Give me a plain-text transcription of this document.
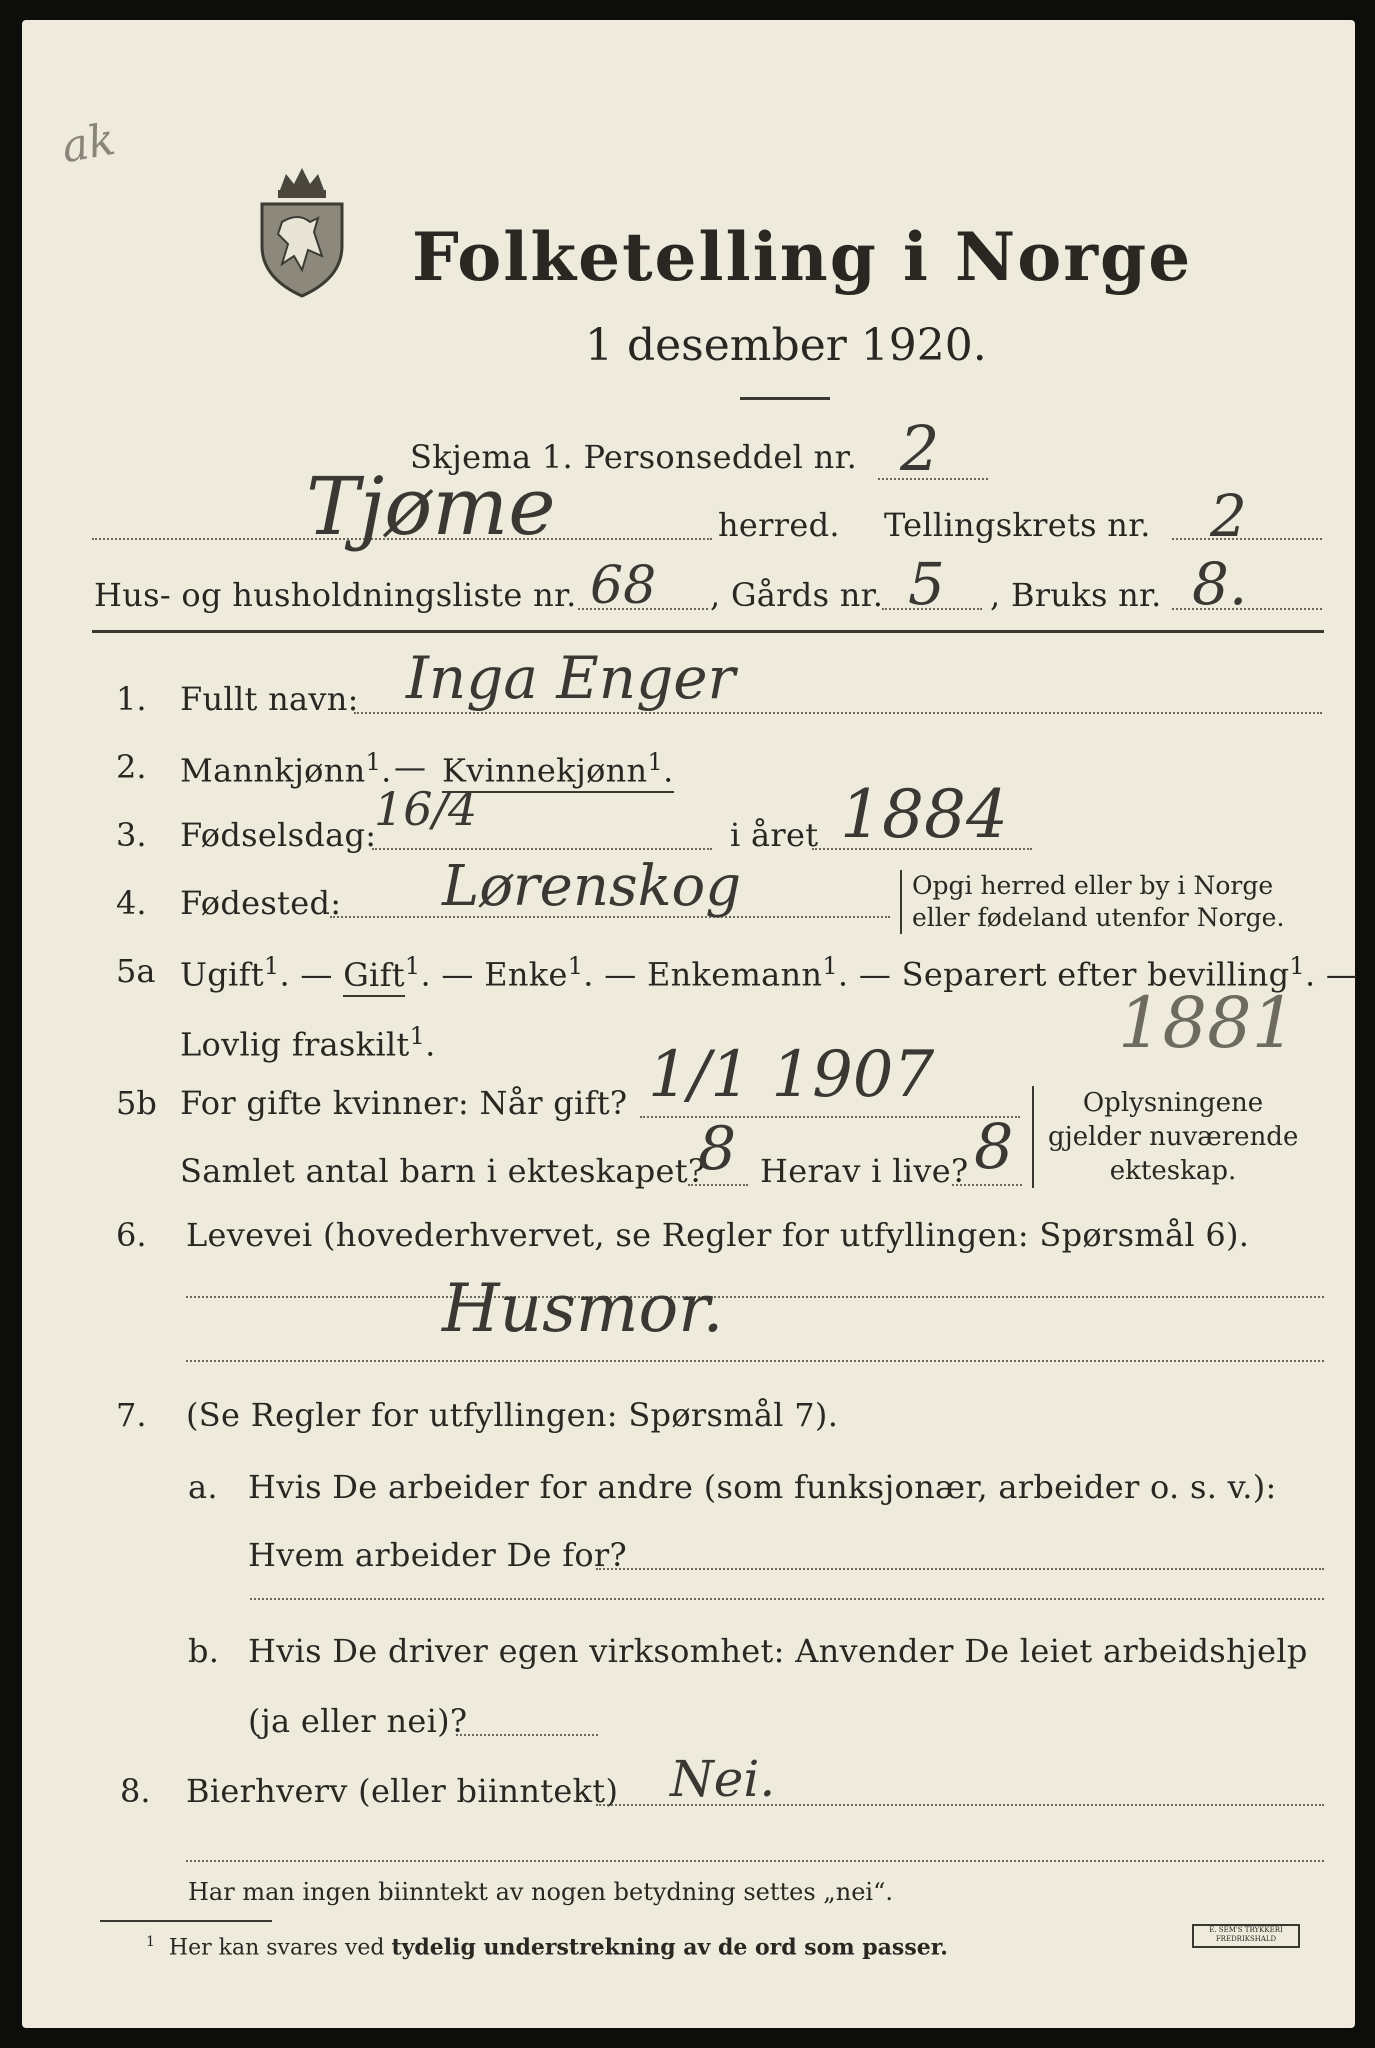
ak
Folketelling i Norge
1 desember 1920.
Skjema 1. Personseddel nr. 2
Tjøme	herred. Tellingskrets nr. 2
Hus- og husholdningsliste nr. 68 , Gårds nr. 5 , Bruks nr. 8.
1. Fullt navn: Inga Enger
2. Mannkjønn$^1$. — Kvinnekjønn$^1$.
3. Fødselsdag:
16/4	i året 1884
4. Fødested: Lørenskog	Opgi herred eller by i Norge
eller fødeland utenfor Norge.
5a Ugift$^1$. — Gift$^1$. — Enke$^1$. — Enkemann$^1$. — Separert efter bevilling$^1$. —
Lovlig fraskilt$^1$.	1881
5b For gifte kvinner: Når gift? 1/1 1907
Samlet antal barn i ekteskapet?
8 Herav i live? 8
Oplysningene
gjelder nuværende
ekteskap.
6. Levevei (hovederhvervet, se Regler for utfyllingen: Spørsmål 6).
Husmor.
7. (Se Regler for utfyllingen: Spørsmål 7).
a. Hvis De arbeider for andre (som funksjonær, arbeider o. s. v.):
Hvem arbeider De for?
b. Hvis De driver egen virksomhet: Anvender De leiet arbeidshjelp
(ja eller nei)?
8. Bierhverv (eller biinntekt) Nei.
Har man ingen biinntekt av nogen betydning settes „nei“.
$^1$ Her kan svares ved tydelig understrekning av de ord som passer.
E. SEM'S TRYKKERI FREDRIKSHALD
